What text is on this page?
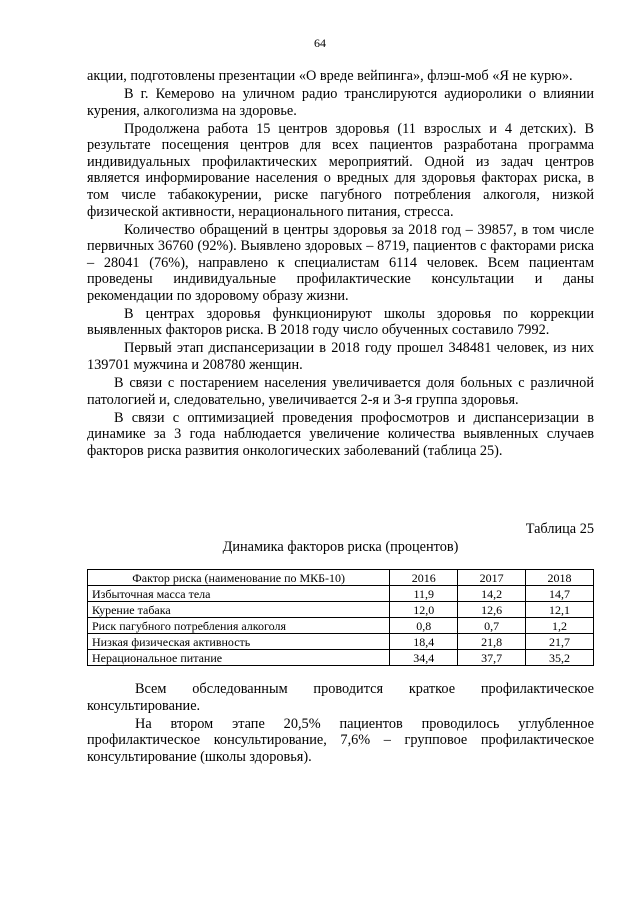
64

акции, подготовлены презентации «О вреде вейпинга», флэш-моб «Я не курю».

В г. Кемерово на уличном радио транслируются аудиоролики о влиянии курения, алкоголизма на здоровье.

Продолжена работа 15 центров здоровья (11 взрослых и 4 детских). В результате посещения центров для всех пациентов разработана программа индивидуальных профилактических мероприятий. Одной из задач центров является информирование населения о вредных для здоровья факторах риска, в том числе табакокурении, риске пагубного потребления алкоголя, низкой физической активности, нерационального питания, стресса.

Количество обращений в центры здоровья за 2018 год – 39857, в том числе первичных 36760 (92%). Выявлено здоровых – 8719, пациентов с факторами риска – 28041 (76%), направлено к специалистам 6114 человек. Всем пациентам проведены индивидуальные профилактические консультации и даны рекомендации по здоровому образу жизни.

В центрах здоровья функционируют школы здоровья по коррекции выявленных факторов риска. В 2018 году число обученных составило 7992.

Первый этап диспансеризации в 2018 году прошел 348481 человек, из них 139701 мужчина и 208780 женщин.

В связи с постарением населения увеличивается доля больных с различной патологией и, следовательно, увеличивается 2-я и 3-я группа здоровья.

В связи с оптимизацией проведения профосмотров и диспансеризации в динамике за 3 года наблюдается увеличение количества выявленных случаев факторов риска развития онкологических заболеваний (таблица 25).

Таблица 25
Динамика факторов риска (процентов)
Фактор риска (наименование по МКБ-10)	2016	2017	2018
Избыточная масса тела	11,9	14,2	14,7
Курение табака	12,0	12,6	12,1
Риск пагубного потребления алкоголя	0,8	0,7	1,2
Низкая физическая активность	18,4	21,8	21,7
Нерациональное питание	34,4	37,7	35,2

Всем обследованным проводится краткое профилактическое консультирование.

На втором этапе 20,5% пациентов проводилось углубленное профилактическое консультирование, 7,6% – групповое профилактическое консультирование (школы здоровья).
